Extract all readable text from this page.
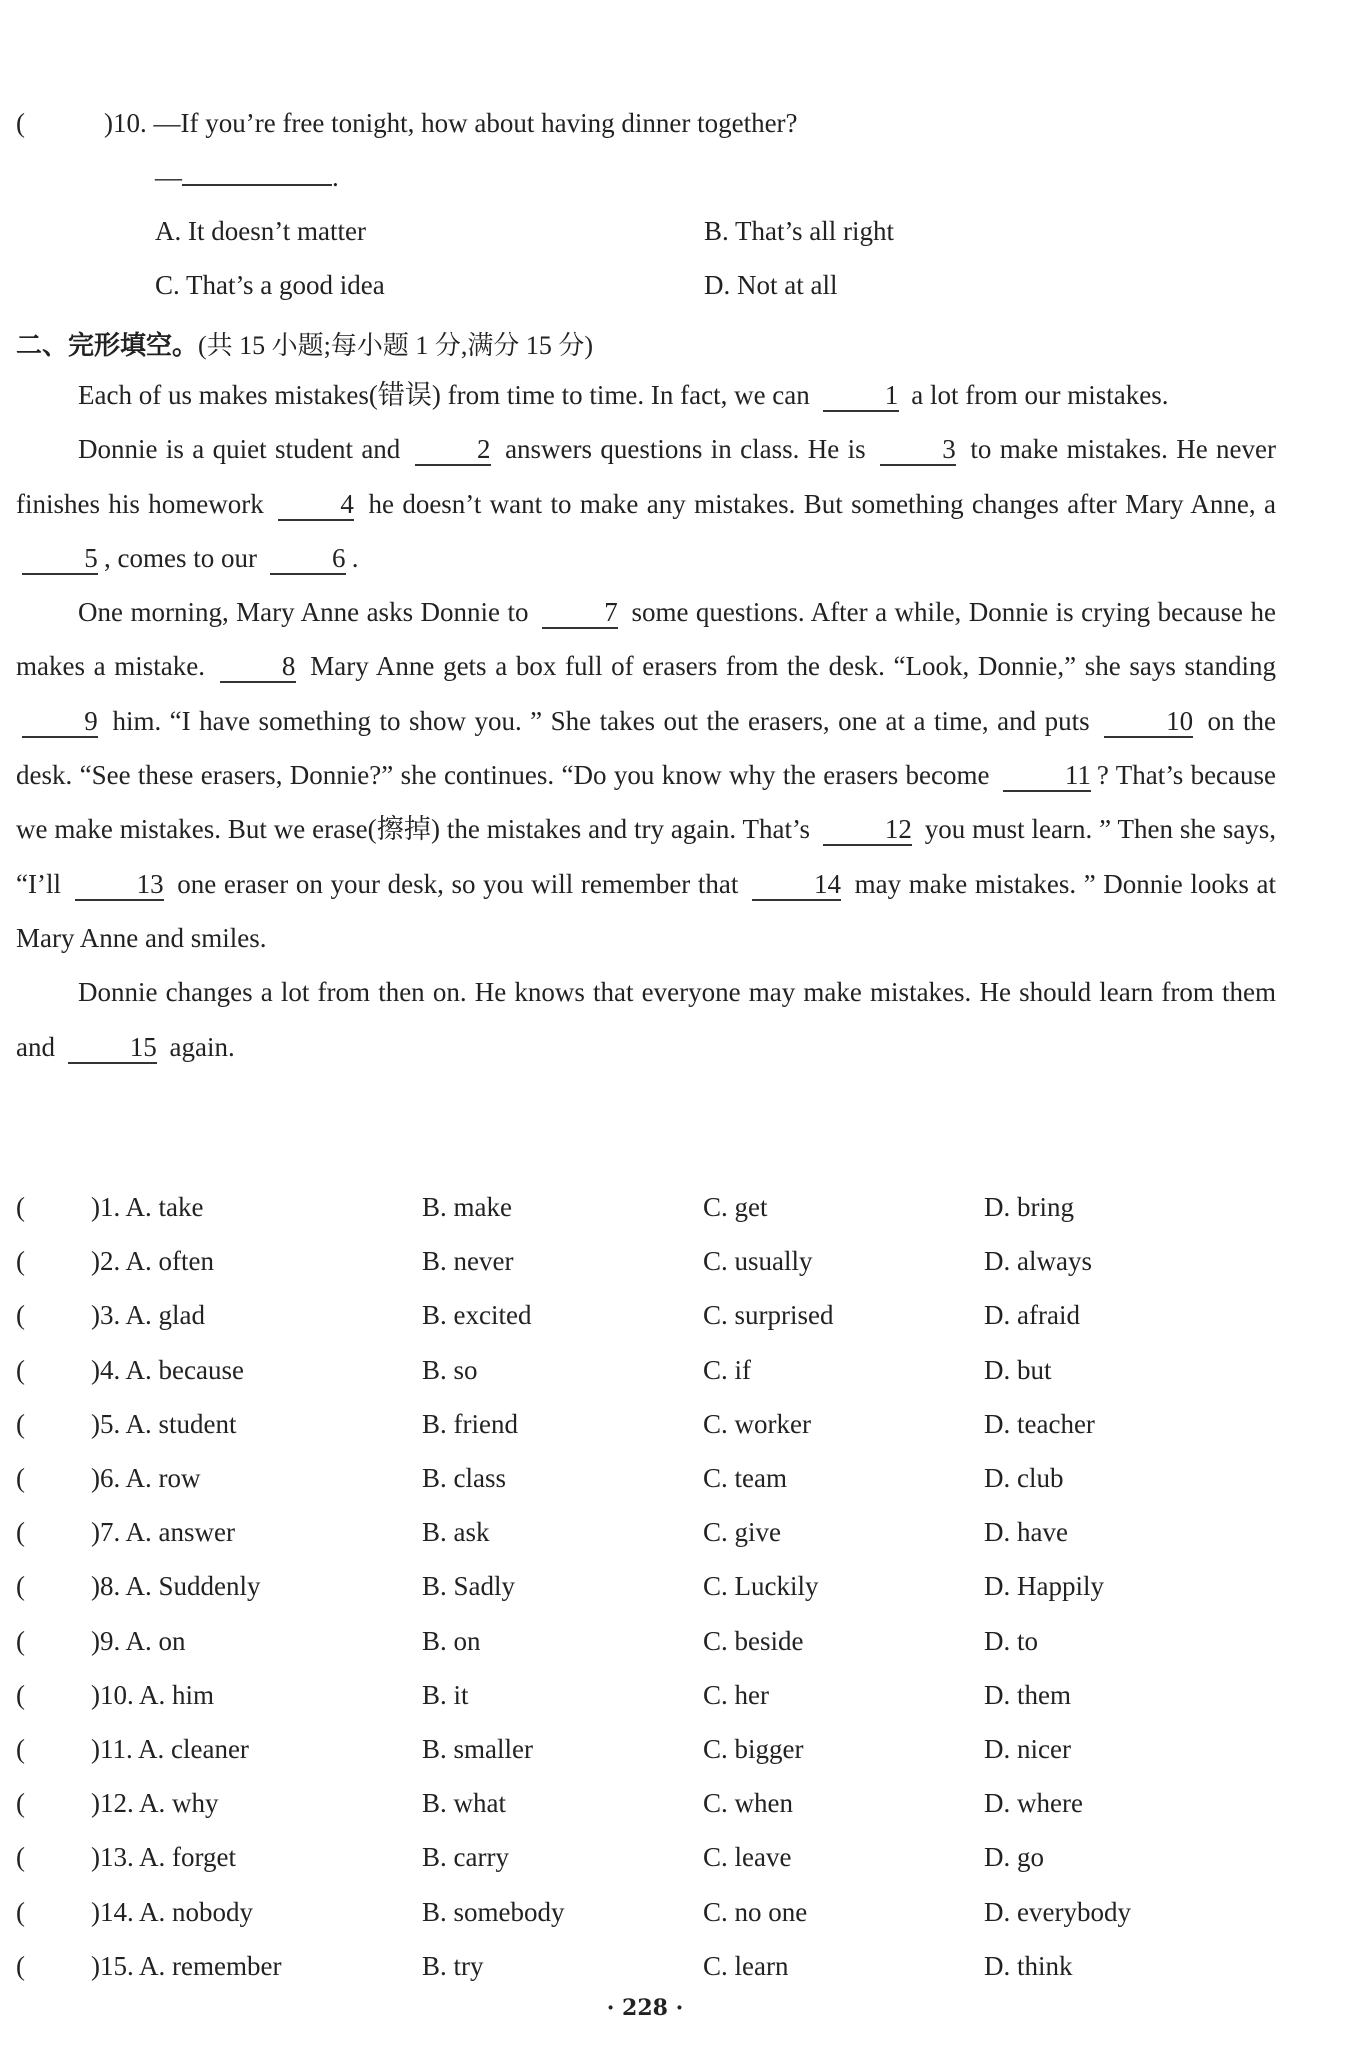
(	)10. —If you’re free tonight, how about having dinner together?
—	.
A. It doesn’t matter	B. That’s all right
C. That’s a good idea	D. Not at all
二、完形填空。(共 15 小题;每小题 1 分,满分 15 分)

Each of us makes mistakes(错误) from time to time. In fact, we can	1 a lot from our mistakes.

Donnie is a quiet student and	2 answers questions in class. He is	3 to make mistakes. He never finishes his homework	4 he doesn’t want to make any mistakes. But something changes after Mary Anne, a 5 , comes to our	6 .

One morning, Mary Anne asks Donnie to	7 some questions. After a while, Donnie is crying because he makes a mistake.	8 Mary Anne gets a box full of erasers from the desk. “Look, Donnie,” she says standing 9 him. “I have something to show you. ” She takes out the erasers, one at a time, and puts	10 on the desk. “See these erasers, Donnie?” she continues. “Do you know why the erasers become	11 ? That’s because we make mistakes. But we erase(擦掉) the mistakes and try again. That’s	12 you must learn. ” Then she says, “I’ll	13 one eraser on your desk, so you will remember that	14 may make mistakes. ” Donnie looks at Mary Anne and smiles.

Donnie changes a lot from then on. He knows that everyone may make mistakes. He should learn from them and	15 again.

( )1. A. take	B. make	C. get	D. bring
( )2. A. often	B. never	C. usually	D. always
( )3. A. glad	B. excited	C. surprised	D. afraid
( )4. A. because	B. so	C. if	D. but
( )5. A. student	B. friend	C. worker	D. teacher
( )6. A. row	B. class	C. team	D. club
( )7. A. answer	B. ask	C. give	D. have
( )8. A. Suddenly	B. Sadly	C. Luckily	D. Happily
( )9. A. on	B. on	C. beside	D. to
( )10. A. him	B. it	C. her	D. them
( )11. A. cleaner	B. smaller	C. bigger	D. nicer
( )12. A. why	B. what	C. when	D. where
( )13. A. forget	B. carry	C. leave	D. go
( )14. A. nobody	B. somebody	C. no one	D. everybody
( )15. A. remember	B. try	C. learn	D. think
· 228 ·
